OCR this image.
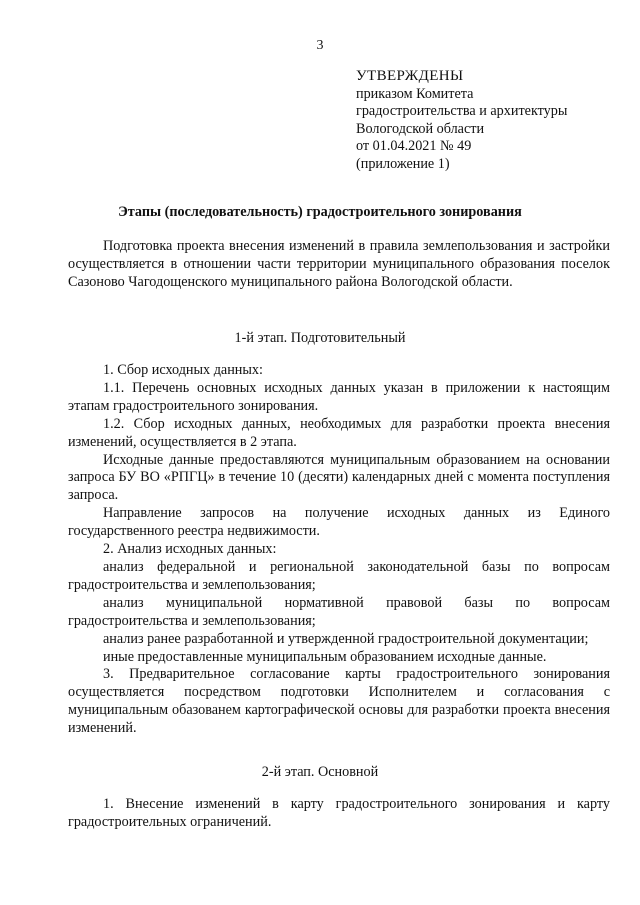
3
УТВЕРЖДЕНЫ
приказом Комитета
градостроительства и архитектуры
Вологодской области
от 01.04.2021 № 49
(приложение 1)
Этапы (последовательность) градостроительного зонирования

Подготовка проекта внесения изменений в правила землепользования и застройки осуществляется в отношении части территории муниципального образования поселок Сазоново Чагодощенского муниципального района Вологодской области.

1-й этап. Подготовительный

1. Сбор исходных данных:

1.1. Перечень основных исходных данных указан в приложении к настоящим этапам градостроительного зонирования.

1.2. Сбор исходных данных, необходимых для разработки проекта внесения изменений, осуществляется в 2 этапа.

Исходные данные предоставляются муниципальным образованием на основании запроса БУ ВО «РПГЦ» в течение 10 (десяти) календарных дней с момента поступления запроса.

Направление запросов на получение исходных данных из Единого государственного реестра недвижимости.

2. Анализ исходных данных:

анализ федеральной и региональной законодательной базы по вопросам градостроительства и землепользования;

анализ муниципальной нормативной правовой базы по вопросам градостроительства и землепользования;

анализ ранее разработанной и утвержденной градостроительной документации;

иные предоставленные муниципальным образованием исходные данные.

3. Предварительное согласование карты градостроительного зонирования осуществляется посредством подготовки Исполнителем и согласования с муниципальным обазованем картографической основы для разработки проекта внесения изменений.

2-й этап. Основной

1. Внесение изменений в карту градостроительного зонирования и карту градостроительных ограничений.
